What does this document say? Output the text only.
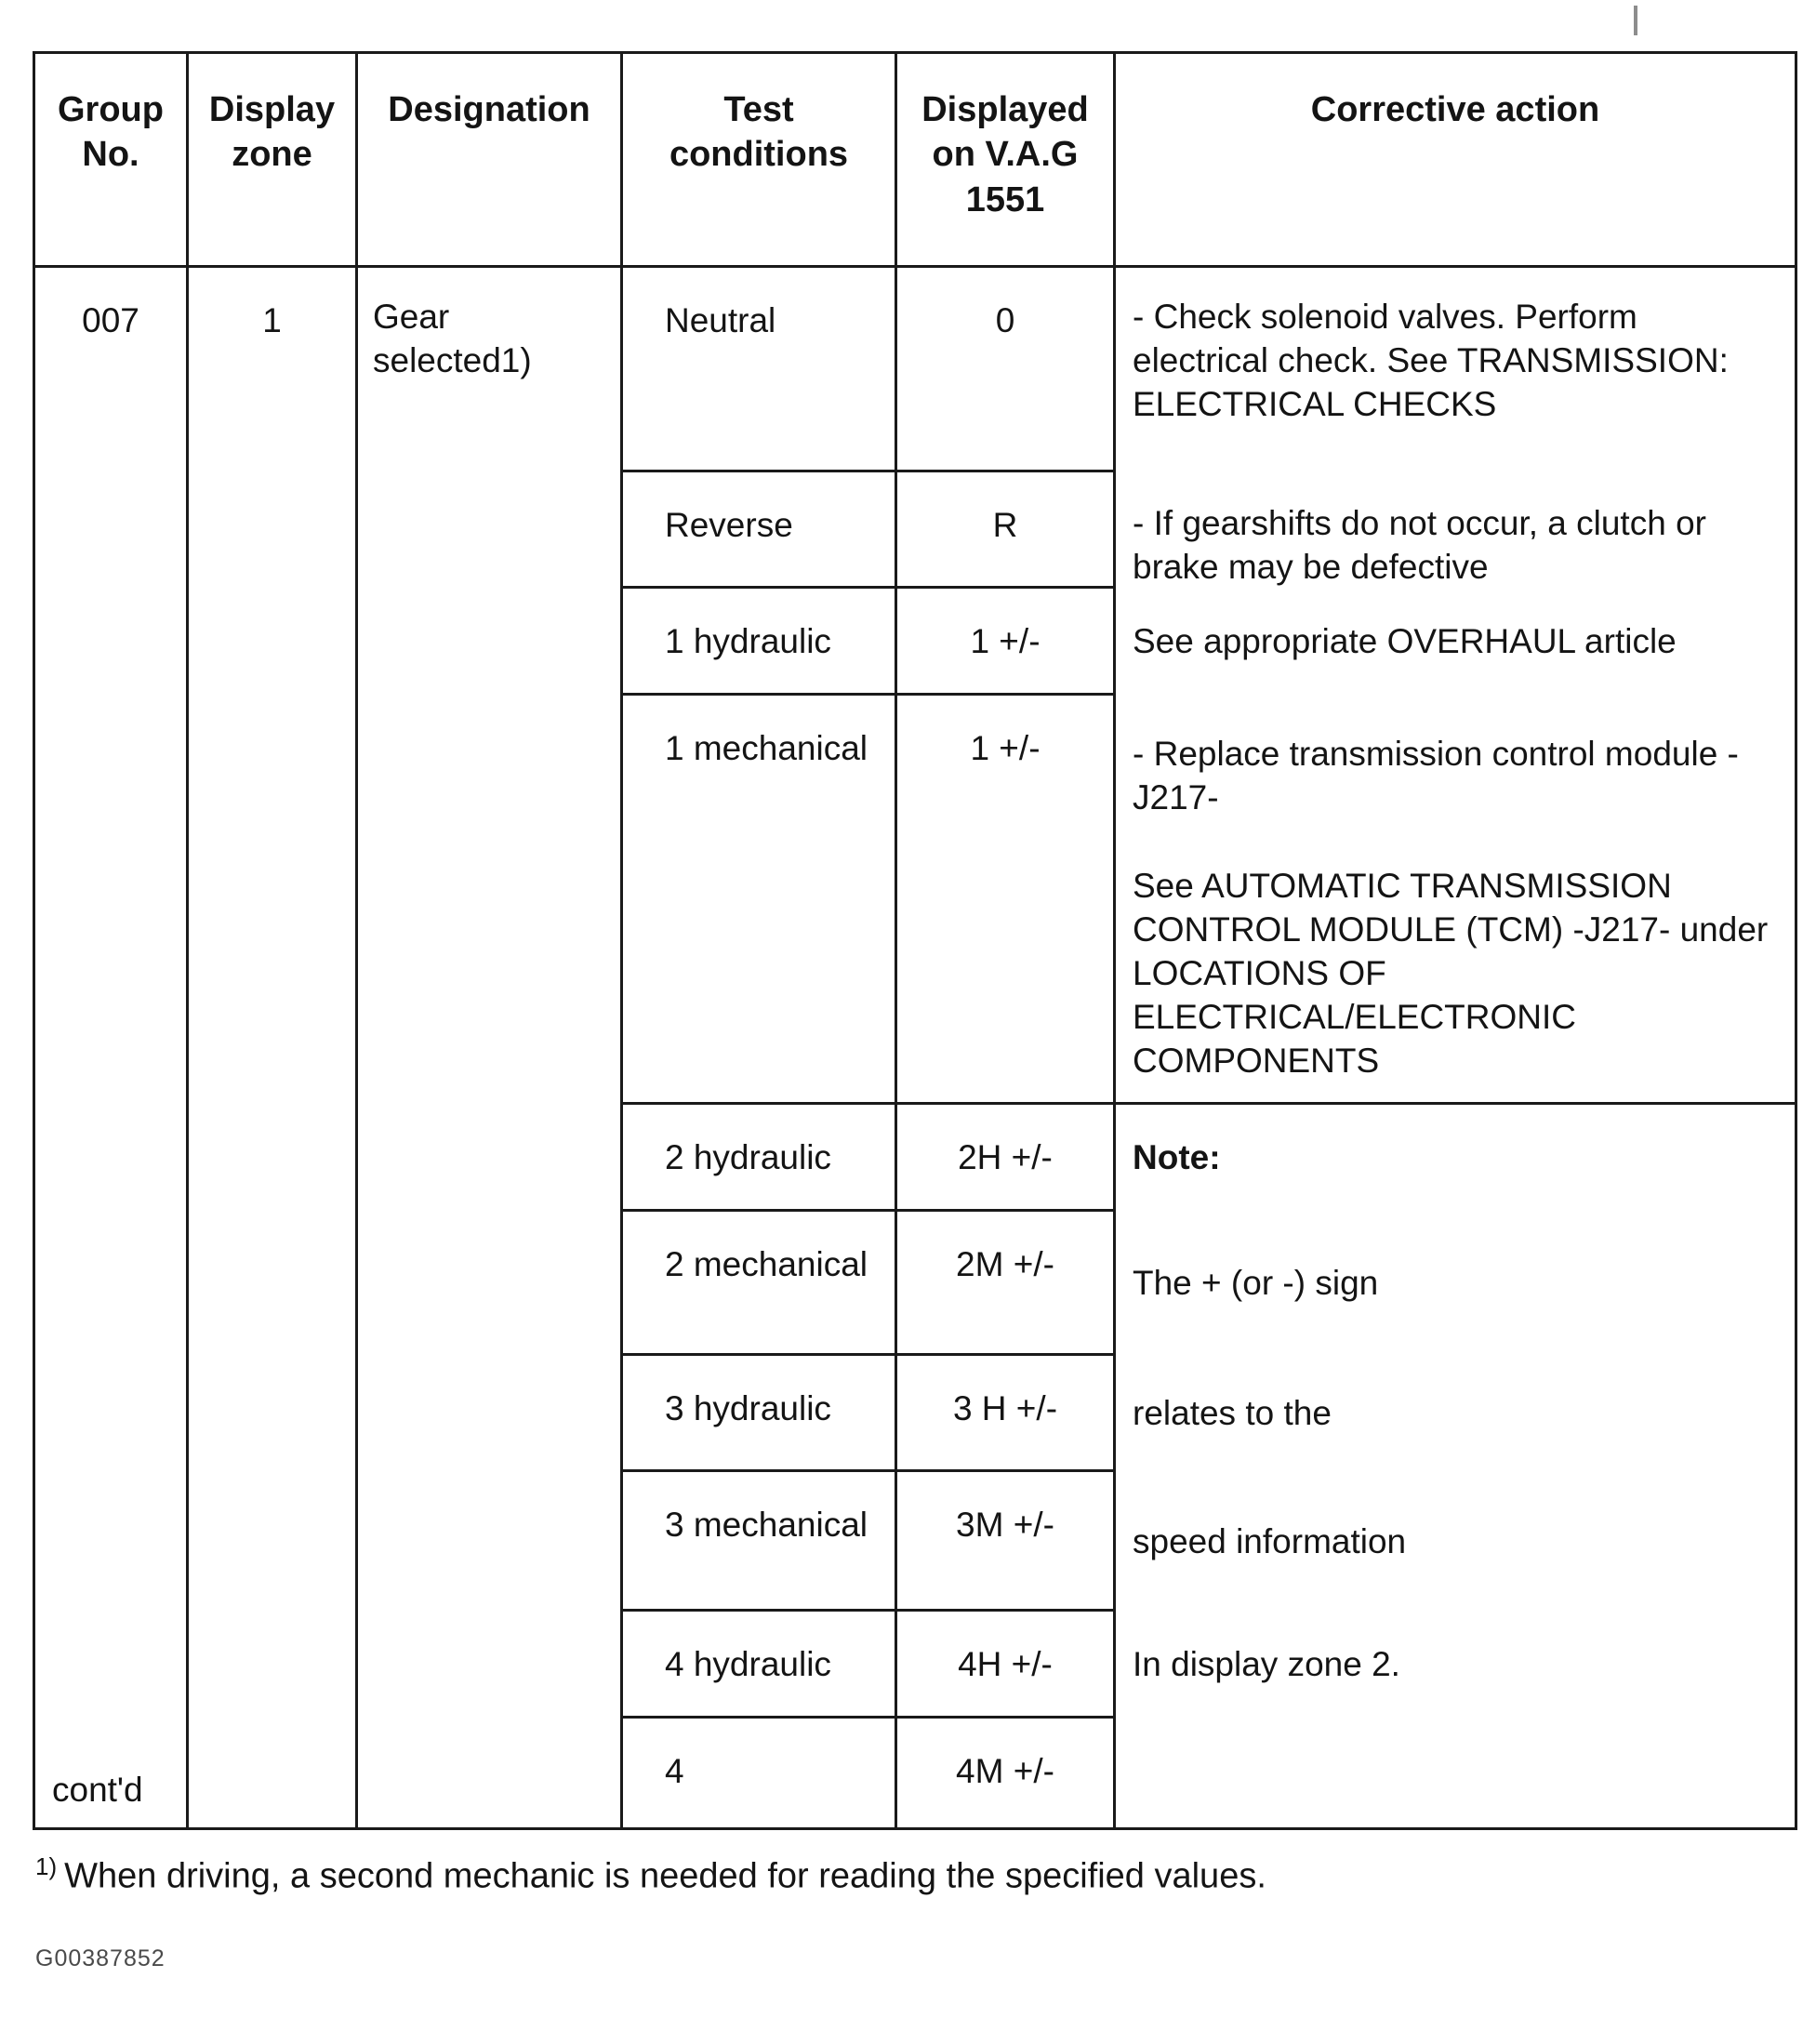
Group No.
Display zone
Designation	Test conditions
Displayed on V.A.G 1551
Corrective action
007
cont'd
1	Gear selected1)
Neutral
Reverse
1 hydraulic
1 mechanical
2 hydraulic
2 mechanical
3 hydraulic
3 mechanical
4 hydraulic
4
0
R
1 +/-
1 +/-
2H +/-
2M +/-
3 H +/-
3M +/-
4H +/-
4M +/-
- Check solenoid valves. Perform electrical check. See TRANSMISSION: ELECTRICAL CHECKS
- If gearshifts do not occur, a clutch or brake may be defective
See appropriate OVERHAUL article

- Replace transmission control module -J217-

See AUTOMATIC TRANSMISSION CONTROL MODULE (TCM) -J217- under LOCATIONS OF ELECTRICAL/ELECTRONIC COMPONENTS

Note:
The + (or -) sign
relates to the
speed information
In display zone 2.
$^{1)}$ When driving, a second mechanic is needed for reading the specified values.
G00387852
